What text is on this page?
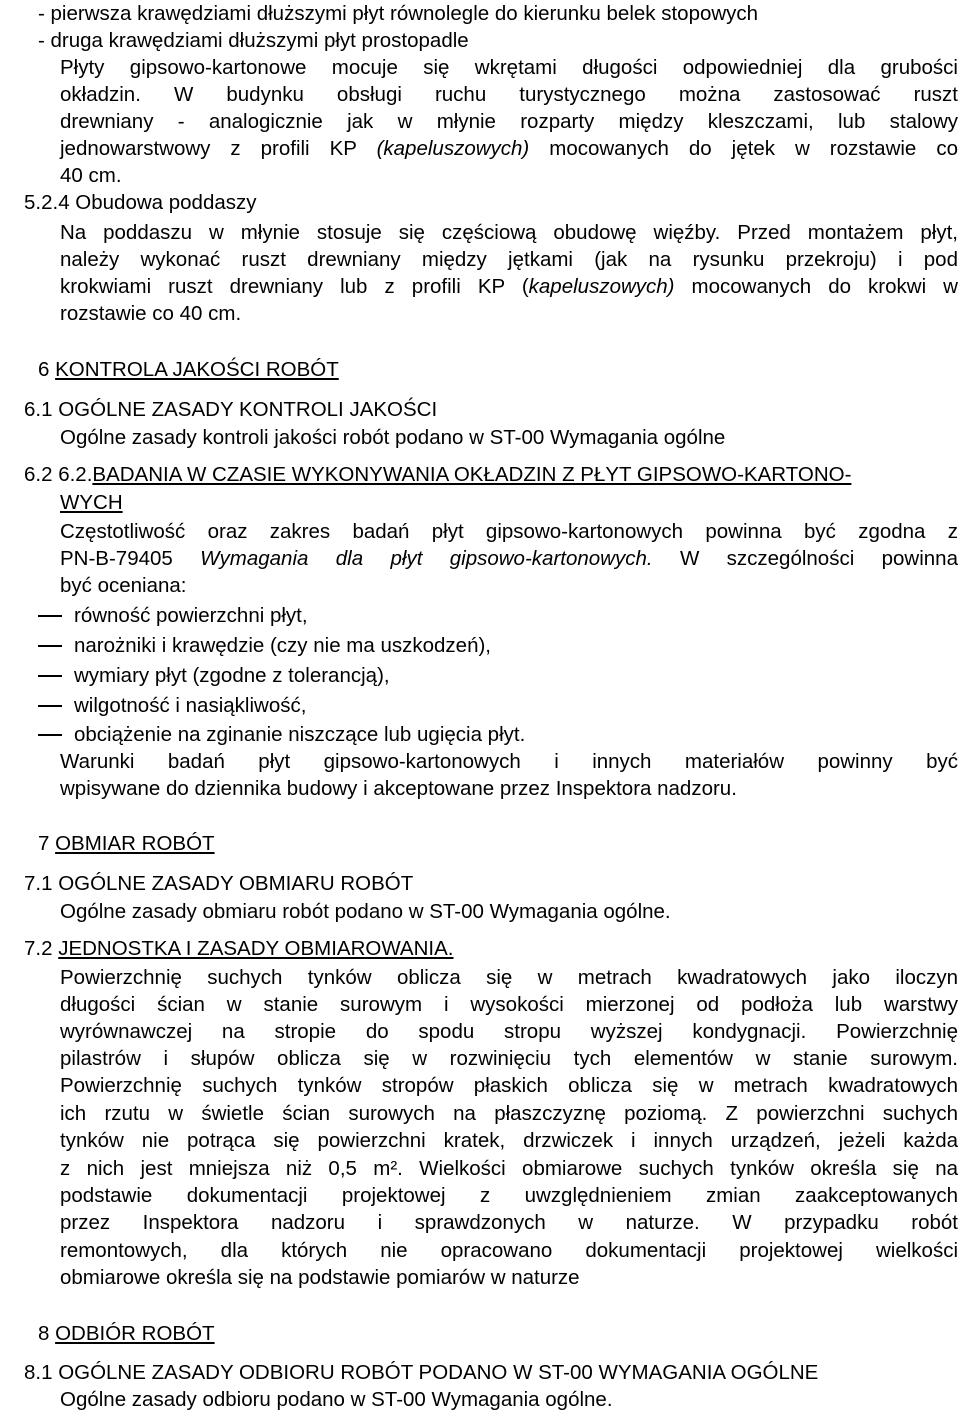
- pierwsza krawędziami dłuższymi płyt równolegle do kierunku belek stopowych
- druga krawędziami dłuższymi płyt prostopadle
Płyty gipsowo-kartonowe mocuje się wkrętami długości odpowiedniej dla grubości
okładzin. W budynku obsługi ruchu turystycznego można zastosować ruszt
drewniany - analogicznie jak w młynie rozparty między kleszczami, lub stalowy
jednowarstwowy z profili KP (kapeluszowych) mocowanych do jętek w rozstawie co
40 cm.
5.2.4 Obudowa poddaszy
Na poddaszu w młynie stosuje się częściową obudowę więźby. Przed montażem płyt,
należy wykonać ruszt drewniany między jętkami (jak na rysunku przekroju) i pod
krokwiami ruszt drewniany lub z profili KP (kapeluszowych) mocowanych do krokwi w
rozstawie co 40 cm.
6 KONTROLA JAKOŚCI ROBÓT
6.1 OGÓLNE ZASADY KONTROLI JAKOŚCI
Ogólne zasady kontroli jakości robót podano w ST-00 Wymagania ogólne
6.2 6.2.BADANIA W CZASIE WYKONYWANIA OKŁADZIN Z PŁYT GIPSOWO-KARTONO-
WYCH
Częstotliwość oraz zakres badań płyt gipsowo-kartonowych powinna być zgodna z
PN-B-79405 Wymagania dla płyt gipsowo-kartonowych. W szczególności powinna
być oceniana:
równość powierzchni płyt,
narożniki i krawędzie (czy nie ma uszkodzeń),
wymiary płyt (zgodne z tolerancją),
wilgotność i nasiąkliwość,
obciążenie na zginanie niszczące lub ugięcia płyt.
Warunki badań płyt gipsowo-kartonowych i innych materiałów powinny być
wpisywane do dziennika budowy i akceptowane przez Inspektora nadzoru.
7 OBMIAR ROBÓT
7.1 OGÓLNE ZASADY OBMIARU ROBÓT
Ogólne zasady obmiaru robót podano w ST-00 Wymagania ogólne.
7.2 JEDNOSTKA I ZASADY OBMIAROWANIA.
Powierzchnię suchych tynków oblicza się w metrach kwadratowych jako iloczyn
długości ścian w stanie surowym i wysokości mierzonej od podłoża lub warstwy
wyrównawczej na stropie do spodu stropu wyższej kondygnacji. Powierzchnię
pilastrów i słupów oblicza się w rozwinięciu tych elementów w stanie surowym.
Powierzchnię suchych tynków stropów płaskich oblicza się w metrach kwadratowych
ich rzutu w świetle ścian surowych na płaszczyznę poziomą. Z powierzchni suchych
tynków nie potrąca się powierzchni kratek, drzwiczek i innych urządzeń, jeżeli każda
z nich jest mniejsza niż 0,5 m². Wielkości obmiarowe suchych tynków określa się na
podstawie dokumentacji projektowej z uwzględnieniem zmian zaakceptowanych
przez Inspektora nadzoru i sprawdzonych w naturze. W przypadku robót
remontowych, dla których nie opracowano dokumentacji projektowej wielkości
obmiarowe określa się na podstawie pomiarów w naturze
8 ODBIÓR ROBÓT
8.1 OGÓLNE ZASADY ODBIORU ROBÓT PODANO W ST-00 WYMAGANIA OGÓLNE
Ogólne zasady odbioru podano w ST-00 Wymagania ogólne.
